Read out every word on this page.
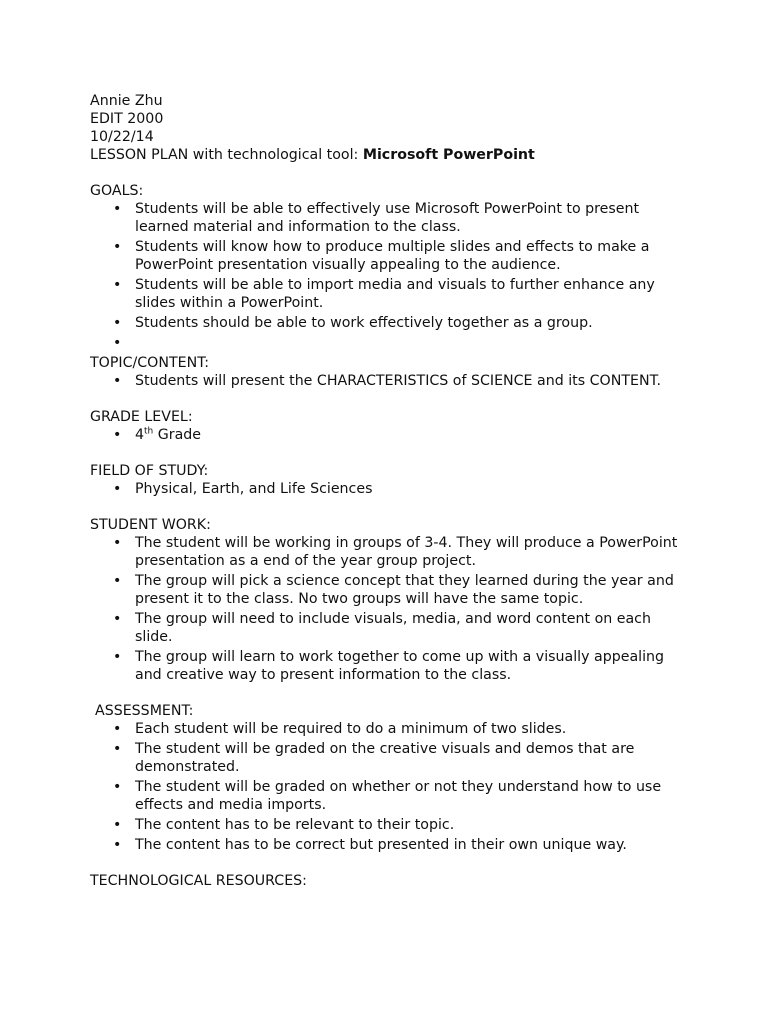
Annie Zhu

EDIT 2000

10/22/14

LESSON PLAN with technological tool: Microsoft PowerPoint

GOALS:

• Students will be able to effectively use Microsoft PowerPoint to present learned material and information to the class.
• Students will know how to produce multiple slides and effects to make a PowerPoint presentation visually appealing to the audience.
• Students will be able to import media and visuals to further enhance any slides within a PowerPoint.
• Students should be able to work effectively together as a group.
•

TOPIC/CONTENT:

• Students will present the CHARACTERISTICS of SCIENCE and its CONTENT.

GRADE LEVEL:

• 4th Grade

FIELD OF STUDY:

• Physical, Earth, and Life Sciences

STUDENT WORK:

• The student will be working in groups of 3-4. They will produce a PowerPoint presentation as a end of the year group project.
• The group will pick a science concept that they learned during the year and present it to the class. No two groups will have the same topic.
• The group will need to include visuals, media, and word content on each slide.
• The group will learn to work together to come up with a visually appealing and creative way to present information to the class.

ASSESSMENT:

• Each student will be required to do a minimum of two slides.
• The student will be graded on the creative visuals and demos that are demonstrated.
• The student will be graded on whether or not they understand how to use effects and media imports.
• The content has to be relevant to their topic.
• The content has to be correct but presented in their own unique way.

TECHNOLOGICAL RESOURCES:
